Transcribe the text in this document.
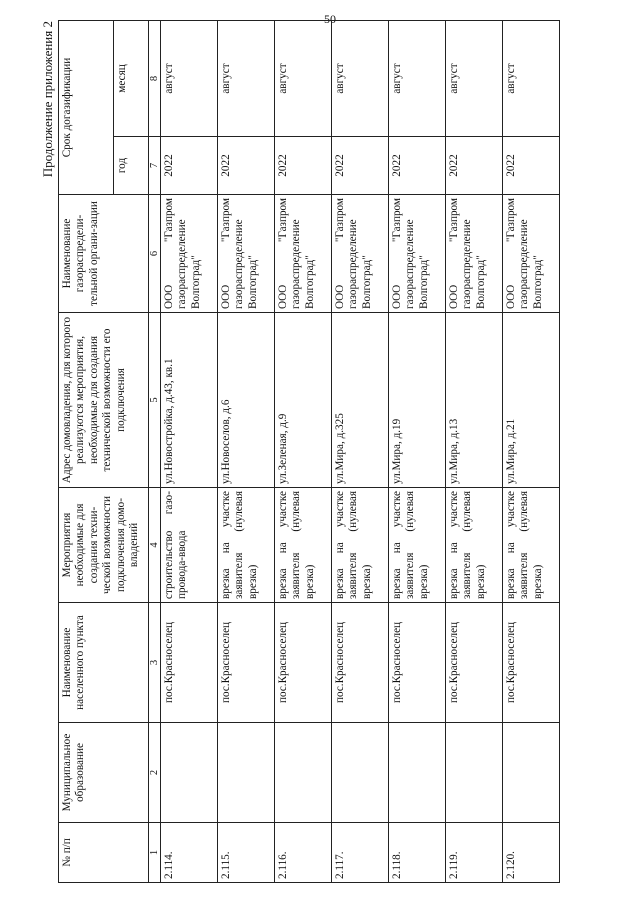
50
Продолжение приложения 2
№ п/п	Муниципальное образование	Наименование населенного пункта	Мероприятия необходимые для создания техни-ческой возможности подключения домо-владений	Адрес домовладения, для которого реализуются мероприятия, необходимые для создания технической возможности его подключения	Наименование газораспредели-тельной органи-зации	Срок догазификации	
						год	месяц
1	2	3	4	5	6	7	8
2.114.		пос.Красноселец	строительство газо-провода-ввода	ул.Новостройка, д.43, кв.1	ООО "Газпром газораспределение Волгоград"	2022	август
2.115.		пос.Красноселец	врезка на участке заявителя (нулевая врезка)	ул.Новоселов, д.6	ООО "Газпром газораспределение Волгоград"	2022	август
2.116.		пос.Красноселец	врезка на участке заявителя (нулевая врезка)	ул.Зеленая, д.9	ООО "Газпром газораспределение Волгоград"	2022	август
2.117.		пос.Красноселец	врезка на участке заявителя (нулевая врезка)	ул.Мира, д.325	ООО "Газпром газораспределение Волгоград"	2022	август
2.118.		пос.Красноселец	врезка на участке заявителя (нулевая врезка)	ул.Мира, д.19	ООО "Газпром газораспределение Волгоград"	2022	август
2.119.		пос.Красноселец	врезка на участке заявителя (нулевая врезка)	ул.Мира, д.13	ООО "Газпром газораспределение Волгоград"	2022	август
2.120.		пос.Красноселец	врезка на участке заявителя (нулевая врезка)	ул.Мира, д.21	ООО "Газпром газораспределение Волгоград"	2022	август
